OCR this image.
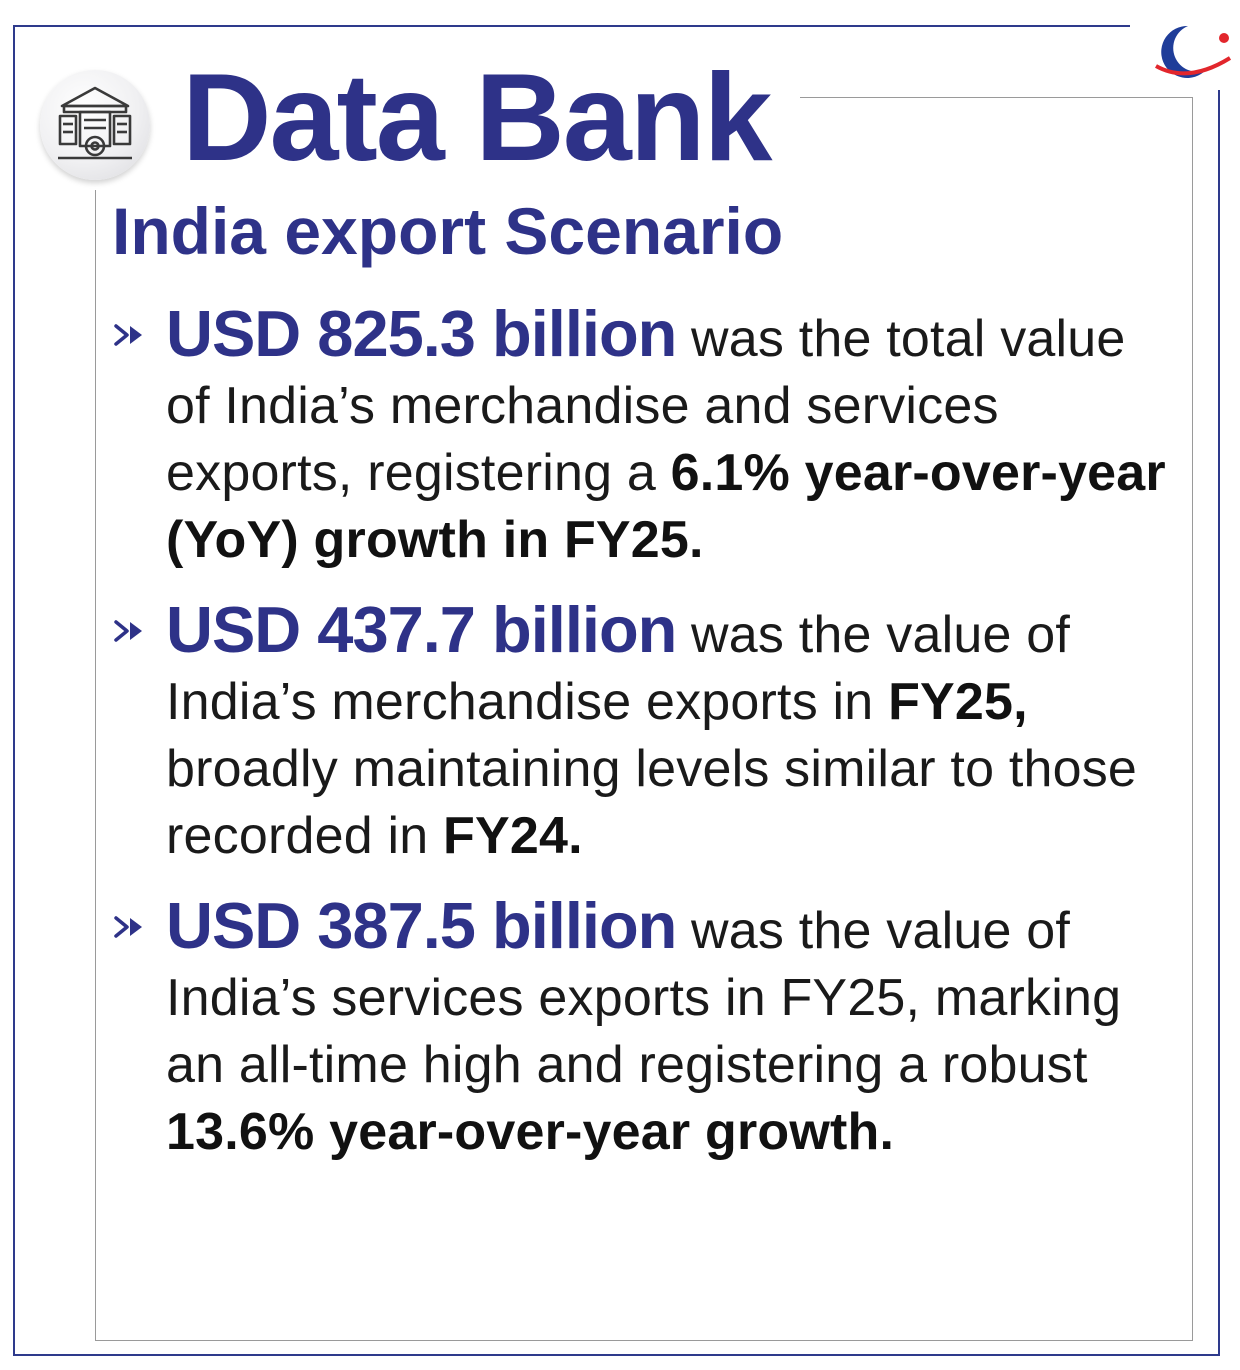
Data Bank
India export Scenario

USD 825.3 billion was the total value of India’s merchandise and services exports, registering a 6.1% year-over-year (YoY) growth in FY25.

USD 437.7 billion was the value of India’s merchandise exports in FY25, broadly maintaining levels similar to those recorded in FY24.

USD 387.5 billion was the value of India’s services exports in FY25, marking an all-time high and registering a robust 13.6% year-over-year growth.
